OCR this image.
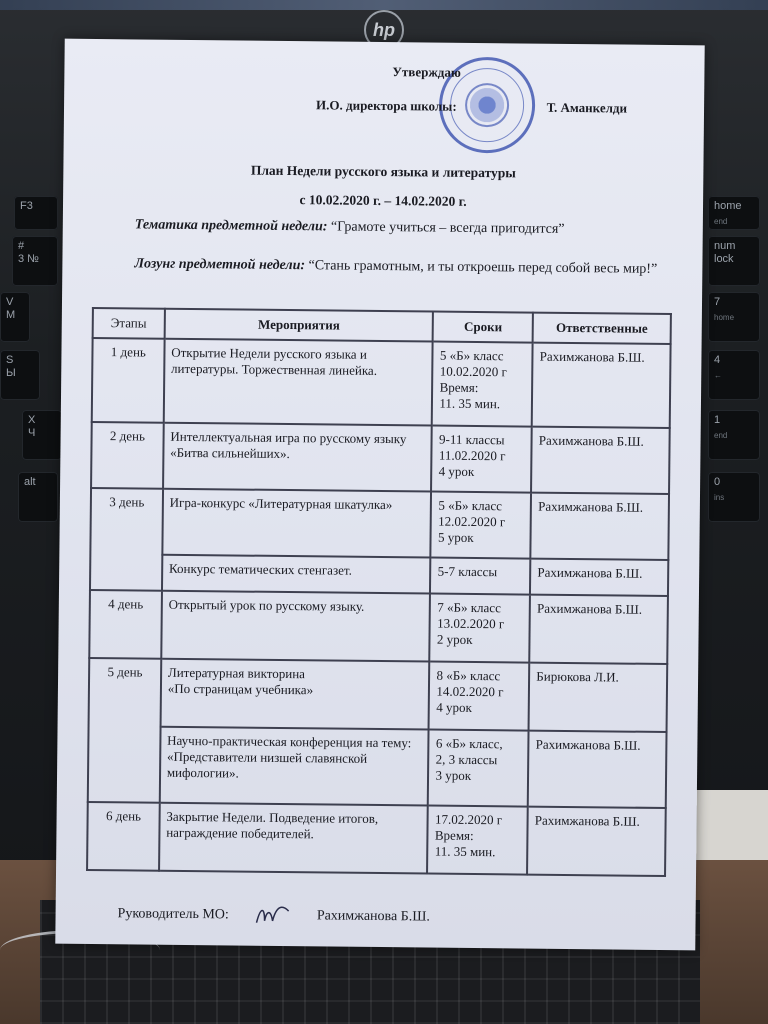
hp
F3
#
3 №
V
М
S
Ы
X
Ч
alt
home
end
num
lock
7
home
4
←
1
end
0
ins
Утверждаю
И.О. директора школы:	Т. Аманкелди
План Недели русского языка и литературы
с 10.02.2020 г. – 14.02.2020 г.
Тематика предметной недели: “Грамоте учиться – всегда пригодится”
Лозунг предметной недели: “Стань грамотным, и ты откроешь перед собой весь мир!”
Этапы	Мероприятия	Сроки	Ответственные
1 день	Открытие Недели русского языка и литературы. Торжественная линейка.	5 «Б» класс
10.02.2020 г
Время:
11. 35 мин.	Рахимжанова Б.Ш.
2 день	Интеллектуальная игра по русскому языку «Битва сильнейших».	9-11 классы
11.02.2020 г
4 урок	Рахимжанова Б.Ш.
3 день	Игра-конкурс «Литературная шкатулка»	5 «Б» класс
12.02.2020 г
5 урок	Рахимжанова Б.Ш.
	Конкурс тематических стенгазет.	5-7 классы	Рахимжанова Б.Ш.
4 день	Открытый урок по русскому языку.	7 «Б» класс
13.02.2020 г
2 урок	Рахимжанова Б.Ш.
5 день	Литературная викторина
«По страницам учебника»	8 «Б» класс
14.02.2020 г
4 урок	Бирюкова Л.И.
	Научно-практическая конференция на тему: «Представители низшей славянской мифологии».	6 «Б» класс,
2, 3 классы
3 урок	Рахимжанова Б.Ш.
6 день	Закрытие Недели. Подведение итогов, награждение победителей.	17.02.2020 г
Время:
11. 35 мин.	Рахимжанова Б.Ш.
Руководитель МО:	Рахимжанова Б.Ш.
